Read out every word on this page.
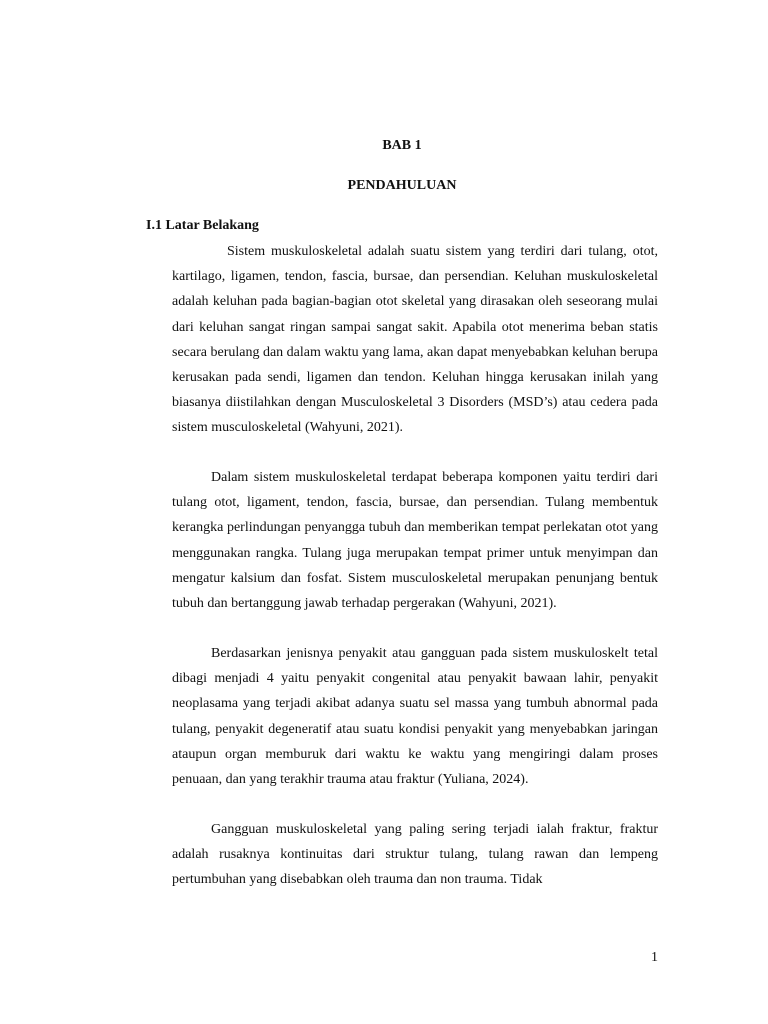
BAB 1
PENDAHULUAN
I.1 Latar Belakang

Sistem muskuloskeletal adalah suatu sistem yang terdiri dari tulang, otot, kartilago, ligamen, tendon, fascia, bursae, dan persendian. Keluhan muskuloskeletal adalah keluhan pada bagian-bagian otot skeletal yang dirasakan oleh seseorang mulai dari keluhan sangat ringan sampai sangat sakit. Apabila otot menerima beban statis secara berulang dan dalam waktu yang lama, akan dapat menyebabkan keluhan berupa kerusakan pada sendi, ligamen dan tendon. Keluhan hingga kerusakan inilah yang biasanya diistilahkan dengan Musculoskeletal 3 Disorders (MSD’s) atau cedera pada sistem musculoskeletal (Wahyuni, 2021).

Dalam sistem muskuloskeletal terdapat beberapa komponen yaitu terdiri dari tulang otot, ligament, tendon, fascia, bursae, dan persendian. Tulang membentuk kerangka perlindungan penyangga tubuh dan memberikan tempat perlekatan otot yang menggunakan rangka. Tulang juga merupakan tempat primer untuk menyimpan dan mengatur kalsium dan fosfat. Sistem musculoskeletal merupakan penunjang bentuk tubuh dan bertanggung jawab terhadap pergerakan (Wahyuni, 2021).

Berdasarkan jenisnya penyakit atau gangguan pada sistem muskuloskelt tetal dibagi menjadi 4 yaitu penyakit congenital atau penyakit bawaan lahir, penyakit neoplasama yang terjadi akibat adanya suatu sel massa yang tumbuh abnormal pada tulang, penyakit degeneratif atau suatu kondisi penyakit yang menyebabkan jaringan ataupun organ memburuk dari waktu ke waktu yang mengiringi dalam proses penuaan, dan yang terakhir trauma atau fraktur (Yuliana, 2024).

Gangguan muskuloskeletal yang paling sering terjadi ialah fraktur, fraktur adalah rusaknya kontinuitas dari struktur tulang, tulang rawan dan lempeng pertumbuhan yang disebabkan oleh trauma dan non trauma. Tidak

1
